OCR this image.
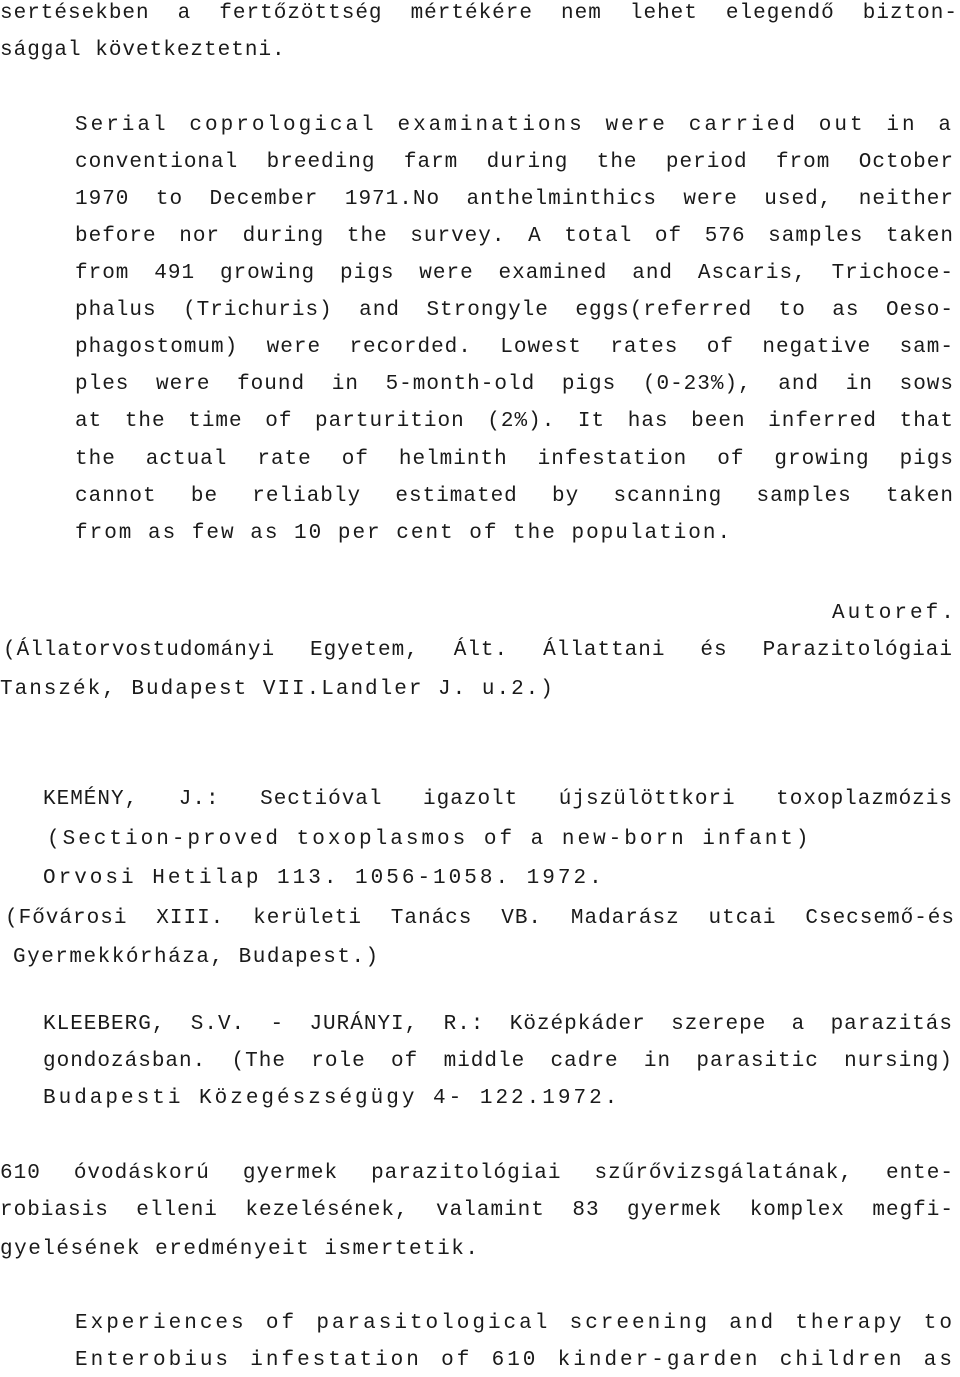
sertésekben a fertőzöttség mértékére nem lehet elegendő bizton-
sággal következtetni.
Serial coprological examinations were carried out in a
conventional breeding farm during the period from October
1970 to December 1971.No anthelminthics were used, neither
before nor during the survey. A total of 576 samples taken
from 491 growing pigs were examined and Ascaris, Trichoce-
phalus (Trichuris) and Strongyle eggs(referred to as Oeso-
phagostomum) were recorded. Lowest rates of negative sam-
ples were found in 5-month-old pigs (0-23%), and in sows
at the time of parturition (2%). It has been inferred that
the actual rate of helminth infestation of growing pigs
cannot be reliably estimated by scanning samples taken
from as few as 10 per cent of the population.
Autoref.
(Állatorvostudományi Egyetem, Ált. Állattani és Parazitológiai
Tanszék, Budapest VII.Landler J. u.2.)
KEMÉNY, J.: Sectióval igazolt újszülöttkori toxoplazmózis
(Section-proved toxoplasmos of a new-born infant)
Orvosi Hetilap 113. 1056-1058. 1972.
(Fővárosi XIII. kerületi Tanács VB. Madarász utcai Csecsemő-és
Gyermekkórháza, Budapest.)
KLEEBERG, S.V. - JURÁNYI, R.: Középkáder szerepe a parazitás
gondozásban. (The role of middle cadre in parasitic nursing)
Budapesti Közegészségügy 4- 122.1972.
610 óvodáskorú gyermek parazitológiai szűrővizsgálatának, ente-
robiasis elleni kezelésének, valamint 83 gyermek komplex megfi-
gyelésének eredményeit ismertetik.
Experiences of parasitological screening and therapy to
Enterobius infestation of 610 kinder-garden children as
